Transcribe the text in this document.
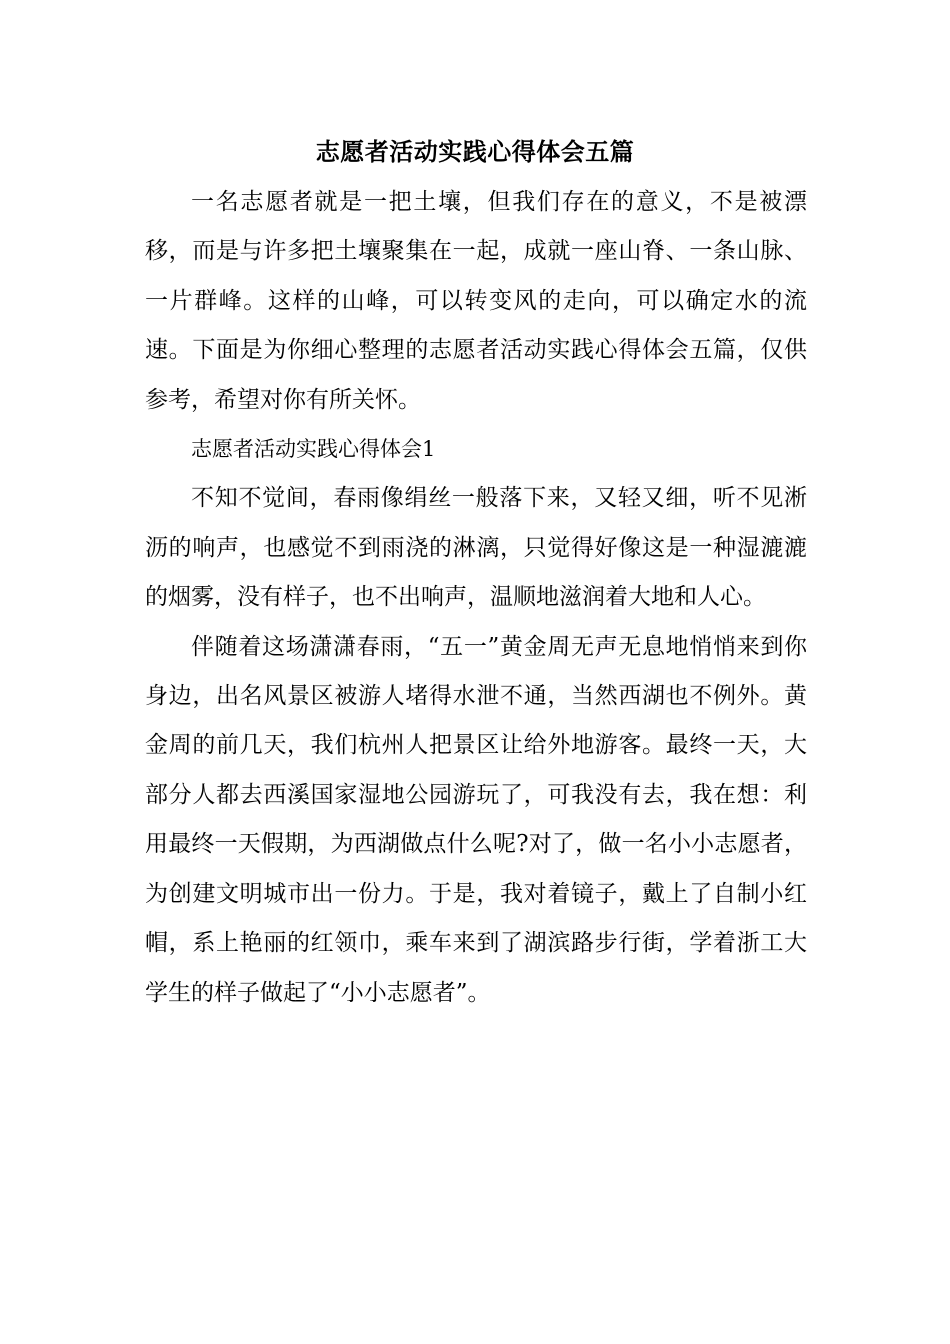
志愿者活动实践心得体会五篇

一名志愿者就是一把土壤，但我们存在的意义，不是被漂移，而是与许多把土壤聚集在一起，成就一座山脊、一条山脉、一片群峰。这样的山峰，可以转变风的走向，可以确定水的流速。下面是为你细心整理的志愿者活动实践心得体会五篇，仅供参考，希望对你有所关怀。

志愿者活动实践心得体会1

不知不觉间，春雨像绢丝一般落下来，又轻又细，听不见淅沥的响声，也感觉不到雨浇的淋漓，只觉得好像这是一种湿漉漉的烟雾，没有样子，也不出响声，温顺地滋润着大地和人心。

伴随着这场潇潇春雨，“五一”黄金周无声无息地悄悄来到你身边，出名风景区被游人堵得水泄不通，当然西湖也不例外。黄金周的前几天，我们杭州人把景区让给外地游客。最终一天，大部分人都去西溪国家湿地公园游玩了，可我没有去，我在想：利用最终一天假期，为西湖做点什么呢?对了，做一名小小志愿者，为创建文明城市出一份力。于是，我对着镜子，戴上了自制小红帽，系上艳丽的红领巾，乘车来到了湖滨路步行街，学着浙工大学生的样子做起了“小小志愿者”。
